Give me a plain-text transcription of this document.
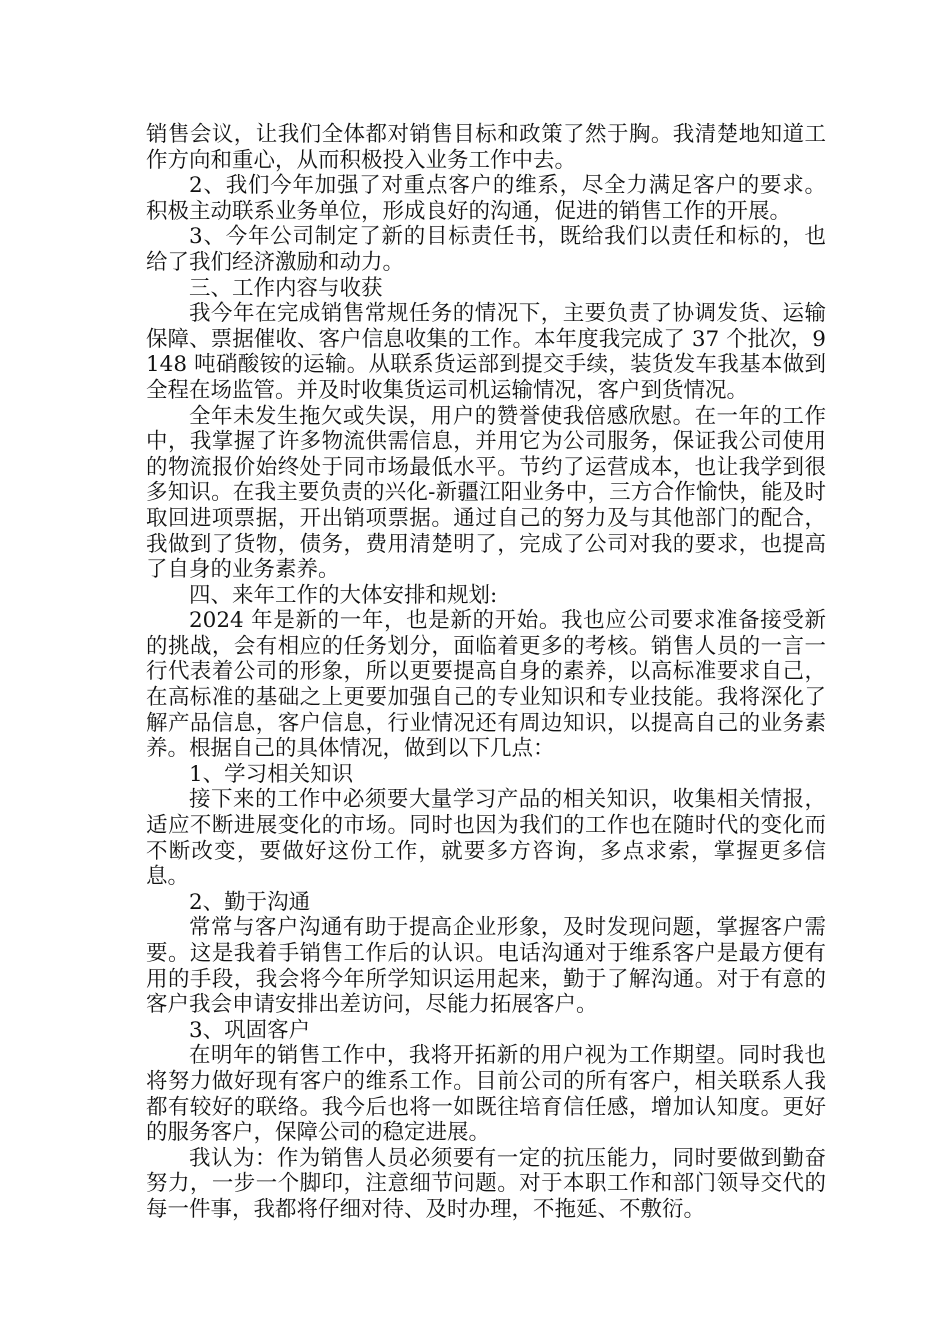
销售会议，让我们全体都对销售目标和政策了然于胸。我清楚地知道工作方向和重心，从而积极投入业务工作中去。

2、我们今年加强了对重点客户的维系，尽全力满足客户的要求。积极主动联系业务单位，形成良好的沟通，促进的销售工作的开展。

3、今年公司制定了新的目标责任书，既给我们以责任和标的，也给了我们经济激励和动力。

三、工作内容与收获

我今年在完成销售常规任务的情况下，主要负责了协调发货、运输保障、票据催收、客户信息收集的工作。本年度我完成了 37 个批次，9148 吨硝酸铵的运输。从联系货运部到提交手续，装货发车我基本做到全程在场监管。并及时收集货运司机运输情况，客户到货情况。

全年未发生拖欠或失误，用户的赞誉使我倍感欣慰。在一年的工作中，我掌握了许多物流供需信息，并用它为公司服务，保证我公司使用的物流报价始终处于同市场最低水平。节约了运营成本，也让我学到很多知识。在我主要负责的兴化-新疆江阳业务中，三方合作愉快，能及时取回进项票据，开出销项票据。通过自己的努力及与其他部门的配合，我做到了货物，债务，费用清楚明了，完成了公司对我的要求，也提高了自身的业务素养。

四、来年工作的大体安排和规划:

2024 年是新的一年，也是新的开始。我也应公司要求准备接受新的挑战，会有相应的任务划分，面临着更多的考核。销售人员的一言一行代表着公司的形象，所以更要提高自身的素养，以高标准要求自己，在高标准的基础之上更要加强自己的专业知识和专业技能。我将深化了解产品信息，客户信息，行业情况还有周边知识，以提高自己的业务素养。根据自己的具体情况，做到以下几点：

1、学习相关知识

接下来的工作中必须要大量学习产品的相关知识，收集相关情报，适应不断进展变化的市场。同时也因为我们的工作也在随时代的变化而不断改变，要做好这份工作，就要多方咨询，多点求索，掌握更多信息。

2、勤于沟通

常常与客户沟通有助于提高企业形象，及时发现问题，掌握客户需要。这是我着手销售工作后的认识。电话沟通对于维系客户是最方便有用的手段，我会将今年所学知识运用起来，勤于了解沟通。对于有意的客户我会申请安排出差访问，尽能力拓展客户。

3、巩固客户

在明年的销售工作中，我将开拓新的用户视为工作期望。同时我也将努力做好现有客户的维系工作。目前公司的所有客户，相关联系人我都有较好的联络。我今后也将一如既往培育信任感，增加认知度。更好的服务客户，保障公司的稳定进展。

我认为：作为销售人员必须要有一定的抗压能力，同时要做到勤奋努力，一步一个脚印，注意细节问题。对于本职工作和部门领导交代的每一件事，我都将仔细对待、及时办理，不拖延、不敷衍。
